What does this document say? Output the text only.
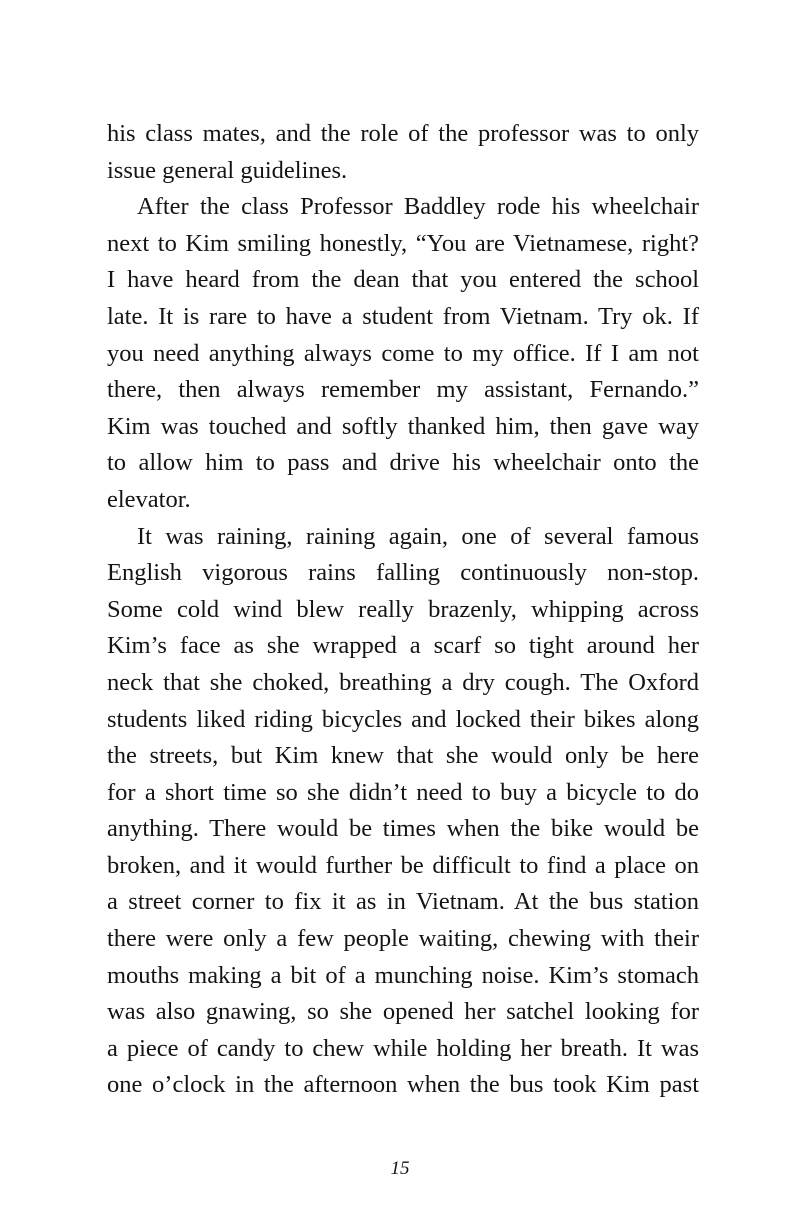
his class mates, and the role of the professor was to only
issue general guidelines.
After the class Professor Baddley rode his wheelchair
next to Kim smiling honestly, “You are Vietnamese, right?
I have heard from the dean that you entered the school
late. It is rare to have a student from Vietnam. Try ok. If
you need anything always come to my office. If I am not
there, then always remember my assistant, Fernando.”
Kim was touched and softly thanked him, then gave way
to allow him to pass and drive his wheelchair onto the
elevator.
It was raining, raining again, one of several famous
English vigorous rains falling continuously non-stop.
Some cold wind blew really brazenly, whipping across
Kim’s face as she wrapped a scarf so tight around her
neck that she choked, breathing a dry cough. The Oxford
students liked riding bicycles and locked their bikes along
the streets, but Kim knew that she would only be here
for a short time so she didn’t need to buy a bicycle to do
anything. There would be times when the bike would be
broken, and it would further be difficult to find a place on
a street corner to fix it as in Vietnam. At the bus station
there were only a few people waiting, chewing with their
mouths making a bit of a munching noise. Kim’s stomach
was also gnawing, so she opened her satchel looking for
a piece of candy to chew while holding her breath. It was
one o’clock in the afternoon when the bus took Kim past
15
